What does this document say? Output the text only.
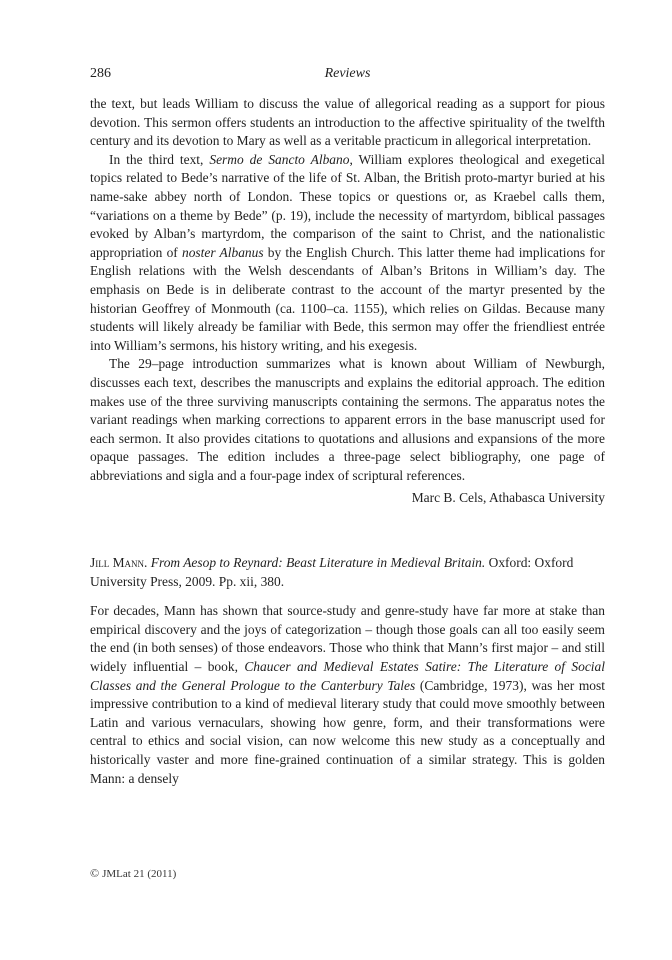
286	Reviews

the text, but leads William to discuss the value of allegorical reading as a support for pious devotion. This sermon offers students an introduction to the affective spirituality of the twelfth century and its devotion to Mary as well as a veritable practicum in allegorical interpretation.

In the third text, Sermo de Sancto Albano, William explores theological and exegetical topics related to Bede’s narrative of the life of St. Alban, the British proto-martyr buried at his name-sake abbey north of London. These topics or questions or, as Kraebel calls them, “variations on a theme by Bede” (p. 19), include the necessity of martyrdom, biblical passages evoked by Alban’s martyrdom, the comparison of the saint to Christ, and the nationalistic appropriation of noster Albanus by the English Church. This latter theme had implications for English relations with the Welsh descendants of Alban’s Britons in William’s day. The emphasis on Bede is in deliberate contrast to the account of the martyr presented by the historian Geoffrey of Monmouth (ca. 1100–ca. 1155), which relies on Gildas. Because many students will likely already be familiar with Bede, this sermon may offer the friendliest entrée into William’s sermons, his history writing, and his exegesis.

The 29–page introduction summarizes what is known about William of Newburgh, discusses each text, describes the manuscripts and explains the editorial approach. The edition makes use of the three surviving manuscripts containing the sermons. The apparatus notes the variant readings when marking corrections to apparent errors in the base manuscript used for each sermon. It also provides citations to quotations and allusions and expansions of the more opaque passages. The edition includes a three-page select bibliography, one page of abbreviations and sigla and a four-page index of scriptural references.

Marc B. Cels, Athabasca University

Jill Mann. From Aesop to Reynard: Beast Literature in Medieval Britain. Oxford: Oxford University Press, 2009. Pp. xii, 380.

For decades, Mann has shown that source-study and genre-study have far more at stake than empirical discovery and the joys of categorization – though those goals can all too easily seem the end (in both senses) of those endeavors. Those who think that Mann’s first major – and still widely influential – book, Chaucer and Medieval Estates Satire: The Literature of Social Classes and the General Prologue to the Canterbury Tales (Cambridge, 1973), was her most impressive contribution to a kind of medieval literary study that could move smoothly between Latin and various vernaculars, showing how genre, form, and their transformations were central to ethics and social vision, can now welcome this new study as a conceptually and historically vaster and more fine-grained continuation of a similar strategy. This is golden Mann: a densely

© JMLat 21 (2011)
